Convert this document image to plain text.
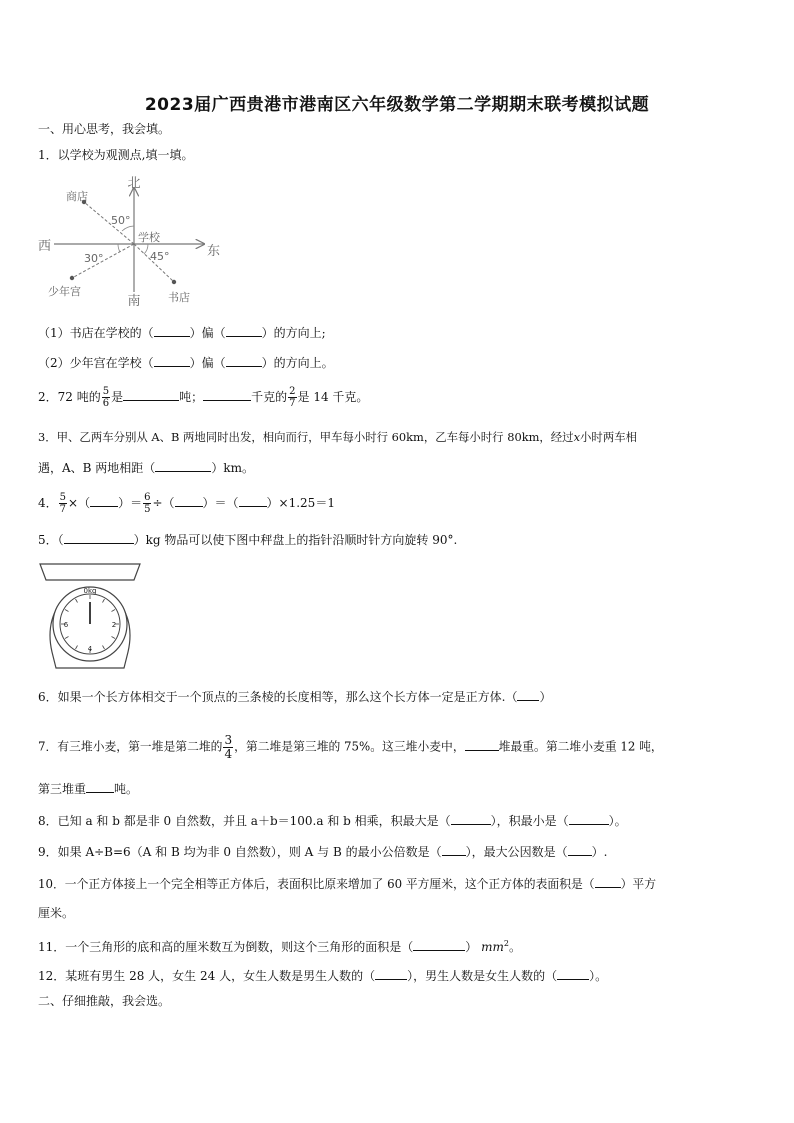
2023届广西贵港市港南区六年级数学第二学期期末联考模拟试题
一、用心思考，我会填。
1．以学校为观测点,填一填。
北
南
西	东
学校
商店
少年宫	书店
50°
30°	45°
（1）书店在学校的（	）偏（	）的方向上;
（2）少年宫在学校（	）偏（	）的方向上。
2．72 吨的 $\frac{5}{6}$ 是	吨；	千克的 $\frac{2}{7}$ 是 14 千克。
3．甲、乙两车分别从 A、B 两地同时出发，相向而行，甲车每小时行 60km，乙车每小时行 80km，经过x小时两车相
遇，A、B 两地相距（	）km。
4． $\frac{5}{7}$ ×（ ）＝ $\frac{6}{5}$ ÷（ ）＝（ ）×1.25＝1
5．（	）kg 物品可以使下图中秤盘上的指针沿顺时针方向旋转 90°.
0kg
2
4
6
6．如果一个长方体相交于一个顶点的三条棱的长度相等，那么这个长方体一定是正方体.（ ）
7．有三堆小麦，第一堆是第二堆的 $\frac{3}{4}$ ，第二堆是第三堆的 75%。这三堆小麦中，	堆最重。第二堆小麦重 12 吨，
第三堆重 吨。
8．已知 a 和 b 都是非 0 自然数，并且 a＋b＝100.a 和 b 相乘，积最大是（	），积最小是（	）。
9．如果 A÷B=6（A 和 B 均为非 0 自然数），则 A 与 B 的最小公倍数是（ ），最大公因数是（ ）.
10．一个正方体接上一个完全相等正方体后，表面积比原来增加了 60 平方厘米，这个正方体的表面积是（ ）平方
厘米。
11．一个三角形的底和高的厘米数互为倒数，则这个三角形的面积是（	） $mm^2$。
12．某班有男生 28 人，女生 24 人，女生人数是男生人数的（	），男生人数是女生人数的（	）。
二、仔细推敲，我会选。
